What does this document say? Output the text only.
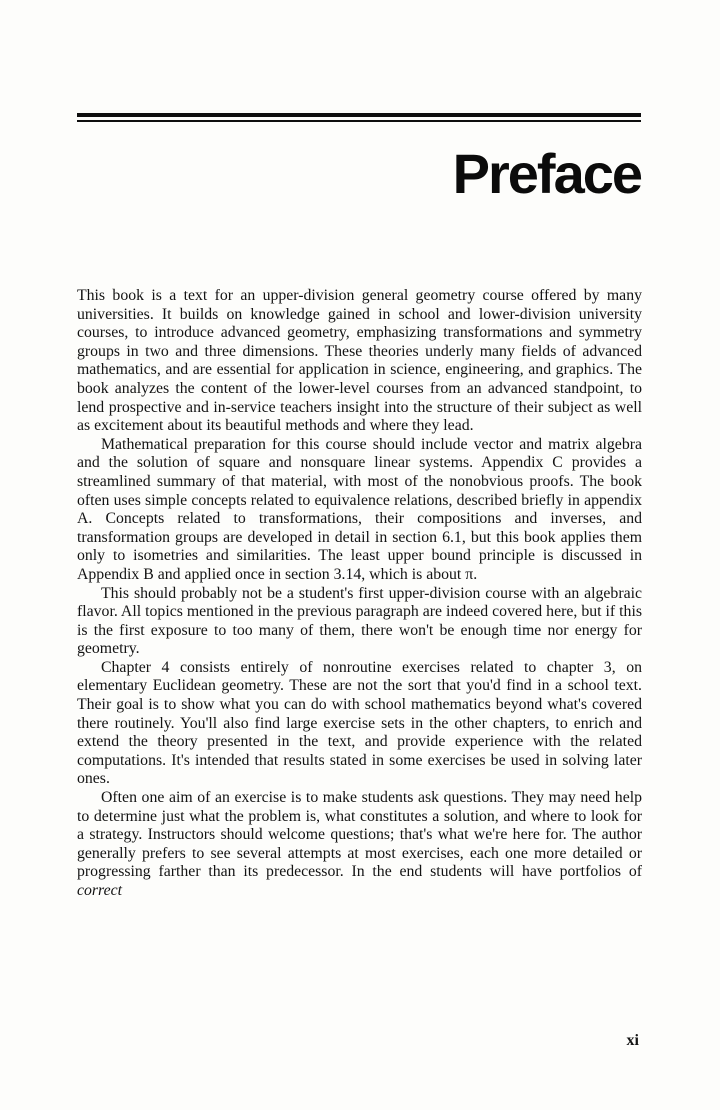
Preface

This book is a text for an upper-division general geometry course offered by many universities. It builds on knowledge gained in school and lower-division university courses, to introduce advanced geometry, emphasizing transformations and symmetry groups in two and three dimensions. These theories underly many fields of advanced mathematics, and are essential for application in science, engineering, and graphics. The book analyzes the content of the lower-level courses from an advanced standpoint, to lend prospective and in-service teachers insight into the structure of their subject as well as excitement about its beautiful methods and where they lead.

Mathematical preparation for this course should include vector and matrix algebra and the solution of square and nonsquare linear systems. Appendix C provides a streamlined summary of that material, with most of the nonobvious proofs. The book often uses simple concepts related to equivalence relations, described briefly in appendix A. Concepts related to transformations, their compositions and inverses, and transformation groups are developed in detail in section 6.1, but this book applies them only to isometries and similarities. The least upper bound principle is discussed in Appendix B and applied once in section 3.14, which is about π.

This should probably not be a student's first upper-division course with an algebraic flavor. All topics mentioned in the previous paragraph are indeed covered here, but if this is the first exposure to too many of them, there won't be enough time nor energy for geometry.

Chapter 4 consists entirely of nonroutine exercises related to chapter 3, on elementary Euclidean geometry. These are not the sort that you'd find in a school text. Their goal is to show what you can do with school mathematics beyond what's covered there routinely. You'll also find large exercise sets in the other chapters, to enrich and extend the theory presented in the text, and provide experience with the related computations. It's intended that results stated in some exercises be used in solving later ones.

Often one aim of an exercise is to make students ask questions. They may need help to determine just what the problem is, what constitutes a solution, and where to look for a strategy. Instructors should welcome questions; that's what we're here for. The author generally prefers to see several attempts at most exercises, each one more detailed or progressing farther than its predecessor. In the end students will have portfolios of correct

xi
